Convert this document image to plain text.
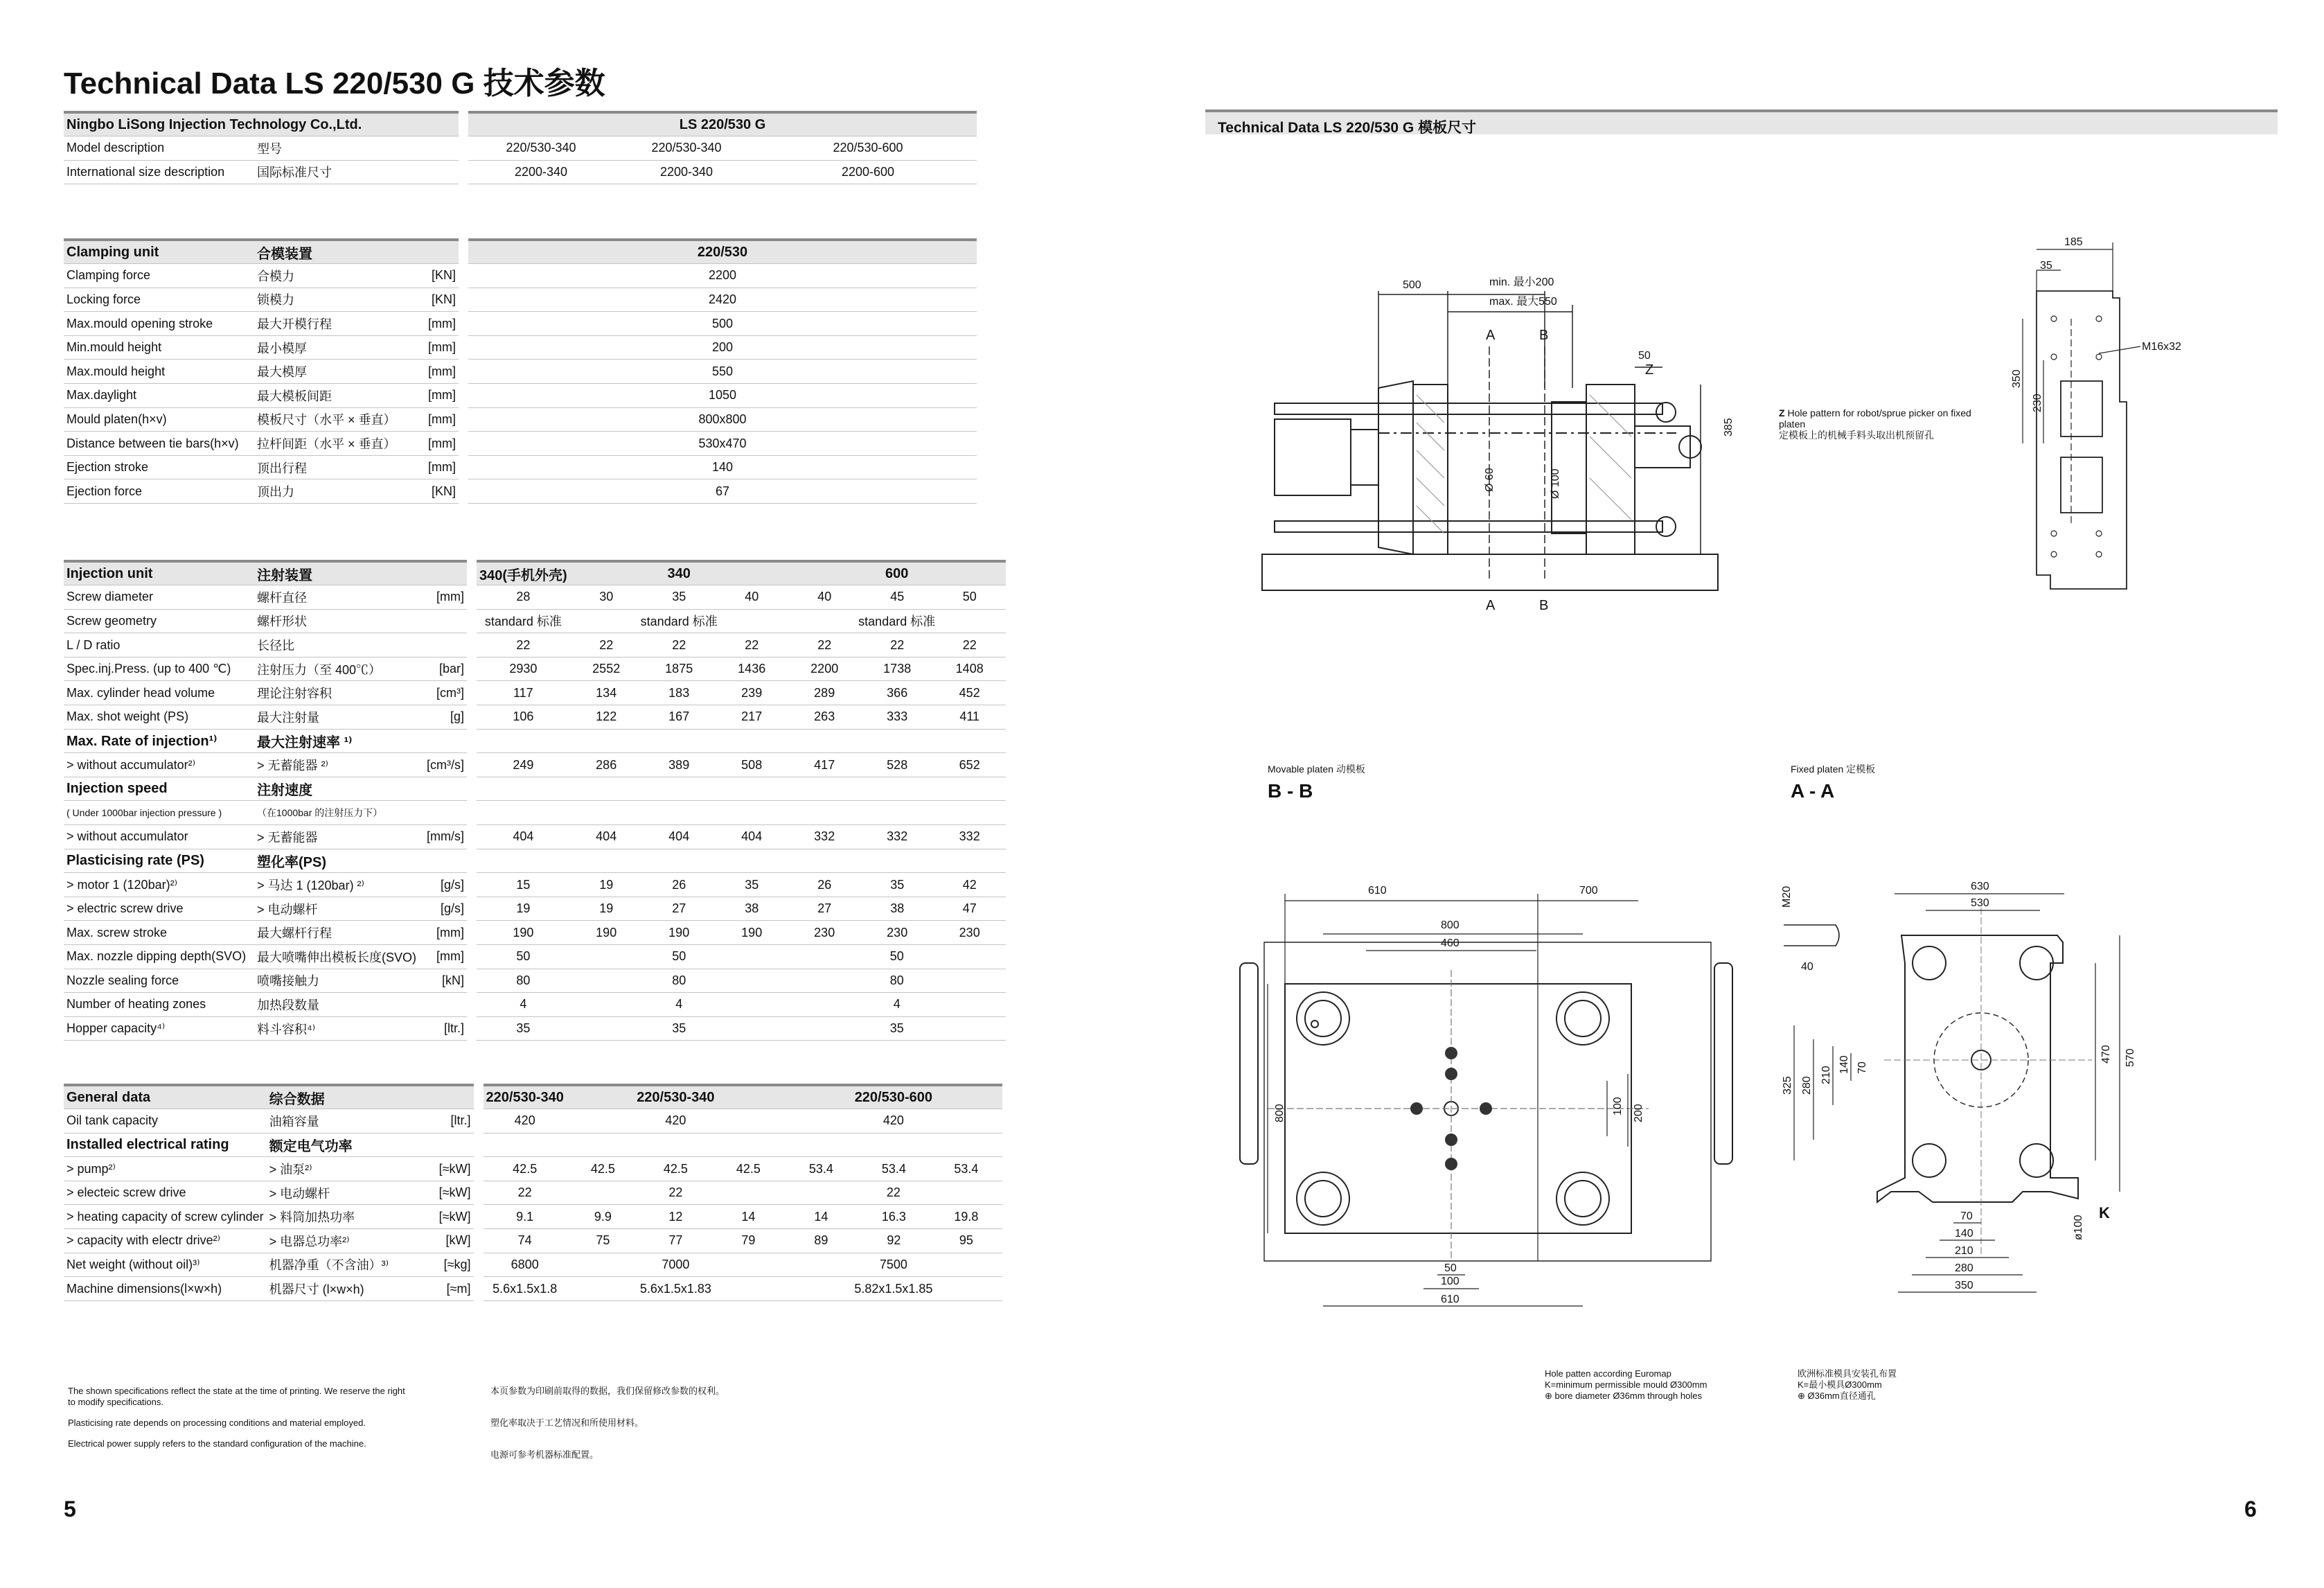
Technical Data LS 220/530 G 技术参数
Ningbo LiSong Injection Technology Co.,Ltd.			LS 220/530 G		
Model description	型号		220/530-340	220/530-340	220/530-600
International size description	国际标准尺寸		2200-340	2200-340	2200-600
Clamping unit	合模装置			220/530
Clamping force	合模力	[KN]		2200
Locking force	锁模力	[KN]		2420
Max.mould opening stroke	最大开模行程	[mm]		500
Min.mould height	最小模厚	[mm]		200
Max.mould height	最大模厚	[mm]		550
Max.daylight	最大模板间距	[mm]		1050
Mould platen(h×v)	模板尺寸（水平 × 垂直）	[mm]		800x800
Distance between tie bars(h×v)	拉杆间距（水平 × 垂直）	[mm]		530x470
Ejection stroke	顶出行程	[mm]		140
Ejection force	顶出力	[KN]		67
Injection unit	注射装置			340(手机外壳)	340			600		
Screw diameter	螺杆直径	[mm]		28	30	35	40	40	45	50
Screw geometry	螺杆形状			standard 标准	standard 标准			standard 标准		
L / D ratio	长径比			22	22	22	22	22	22	22
Spec.inj.Press. (up to 400 ℃)	注射压力（至 400℃）	[bar]		2930	2552	1875	1436	2200	1738	1408
Max. cylinder head volume	理论注射容积	[cm³]		117	134	183	239	289	366	452
Max. shot weight (PS)	最大注射量	[g]		106	122	167	217	263	333	411
Max. Rate of injection¹⁾	最大注射速率 ¹⁾									
> without accumulator²⁾	> 无蓄能器 ²⁾	[cm³/s]		249	286	389	508	417	528	652
Injection speed	注射速度									
( Under 1000bar injection pressure )	（在1000bar 的注射压力下）									
> without accumulator	> 无蓄能器	[mm/s]		404	404	404	404	332	332	332
Plasticising rate (PS)	塑化率(PS)									
> motor 1 (120bar)²⁾	> 马达 1 (120bar) ²⁾	[g/s]		15	19	26	35	26	35	42
> electric screw drive	> 电动螺杆	[g/s]		19	19	27	38	27	38	47
Max. screw stroke	最大螺杆行程	[mm]		190	190	190	190	230	230	230
Max. nozzle dipping depth(SVO)	最大喷嘴伸出模板长度(SVO)	[mm]		50	50			50		
Nozzle sealing force	喷嘴接触力	[kN]		80	80			80		
Number of heating zones	加热段数量			4	4			4		
Hopper capacity⁴⁾	料斗容积⁴⁾	[ltr.]		35	35			35		
General data	综合数据			220/530-340	220/530-340			220/530-600		
Oil tank capacity	油箱容量	[ltr.]		420	420			420		
Installed electrical rating	额定电气功率									
> pump²⁾	> 油泵²⁾	[≈kW]		42.5	42.5	42.5	42.5	53.4	53.4	53.4
> electeic screw drive	> 电动螺杆	[≈kW]		22	22			22		
> heating capacity of screw cylinder	> 料筒加热功率	[≈kW]		9.1	9.9	12	14	14	16.3	19.8
> capacity with electr drive²⁾	> 电器总功率²⁾	[kW]		74	75	77	79	89	92	95
Net weight (without oil)³⁾	机器净重（不含油）³⁾	[≈kg]		6800	7000			7500		
Machine dimensions(l×w×h)	机器尺寸 (l×w×h)	[≈m]		5.6x1.5x1.8	5.6x1.5x1.83			5.82x1.5x1.85		
The shown specifications reflect the state at the time of printing. We reserve the right to modify specifications.
Plasticising rate depends on processing conditions and material employed.
Electrical power supply refers to the standard configuration of the machine.
本页参数为印刷前取得的数据，我们保留修改参数的权利。
塑化率取决于工艺情况和所使用材料。
电源可参考机器标准配置。
5	6
Technical Data LS 220/530 G 模板尺寸
500	min. 最小200
max. 最大550
50
385
Ø 60	Ø 100
A	B
A	B
Z
Z Hole pattern for robot/sprue picker on fixed platen
定模板上的机械手料头取出机预留孔
185
35
350
230
M16x32
Movable platen 动模板
B - B
Fixed platen 定模板
A - A
610	700
800
460
800	100 200
50
100
610
630
530
M20
40
325 280
210
140 70
470 570
70
140
210
280
350
ø100
K
Hole patten according Euromap
K=minimum permissible mould Ø300mm
⊕ bore diameter Ø36mm through holes
欧洲标准模具安装孔布置
K=最小模具Ø300mm
⊕ Ø36mm直径通孔
